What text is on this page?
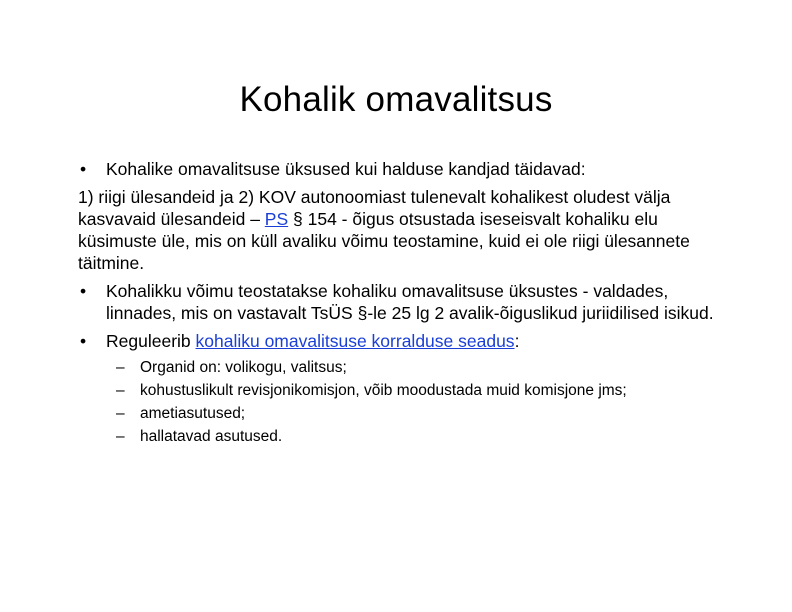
Kohalik omavalitsus
• Kohalike omavalitsuse üksused kui halduse kandjad täidavad:
1) riigi ülesandeid ja 2) KOV autonoomiast tulenevalt kohalikest oludest välja kasvavaid ülesandeid – PS § 154 - õigus otsustada iseseisvalt kohaliku elu küsimuste üle, mis on küll avaliku võimu teostamine, kuid ei ole riigi ülesannete täitmine.
• Kohalikku võimu teostatakse kohaliku omavalitsuse üksustes - valdades, linnades, mis on vastavalt TsÜS §-le 25 lg 2 avalik-õiguslikud juriidilised isikud.
• Reguleerib kohaliku omavalitsuse korralduse seadus:
– Organid on: volikogu, valitsus;
– kohustuslikult revisjonikomisjon, võib moodustada muid komisjone jms;
– ametiasutused;
– hallatavad asutused.
